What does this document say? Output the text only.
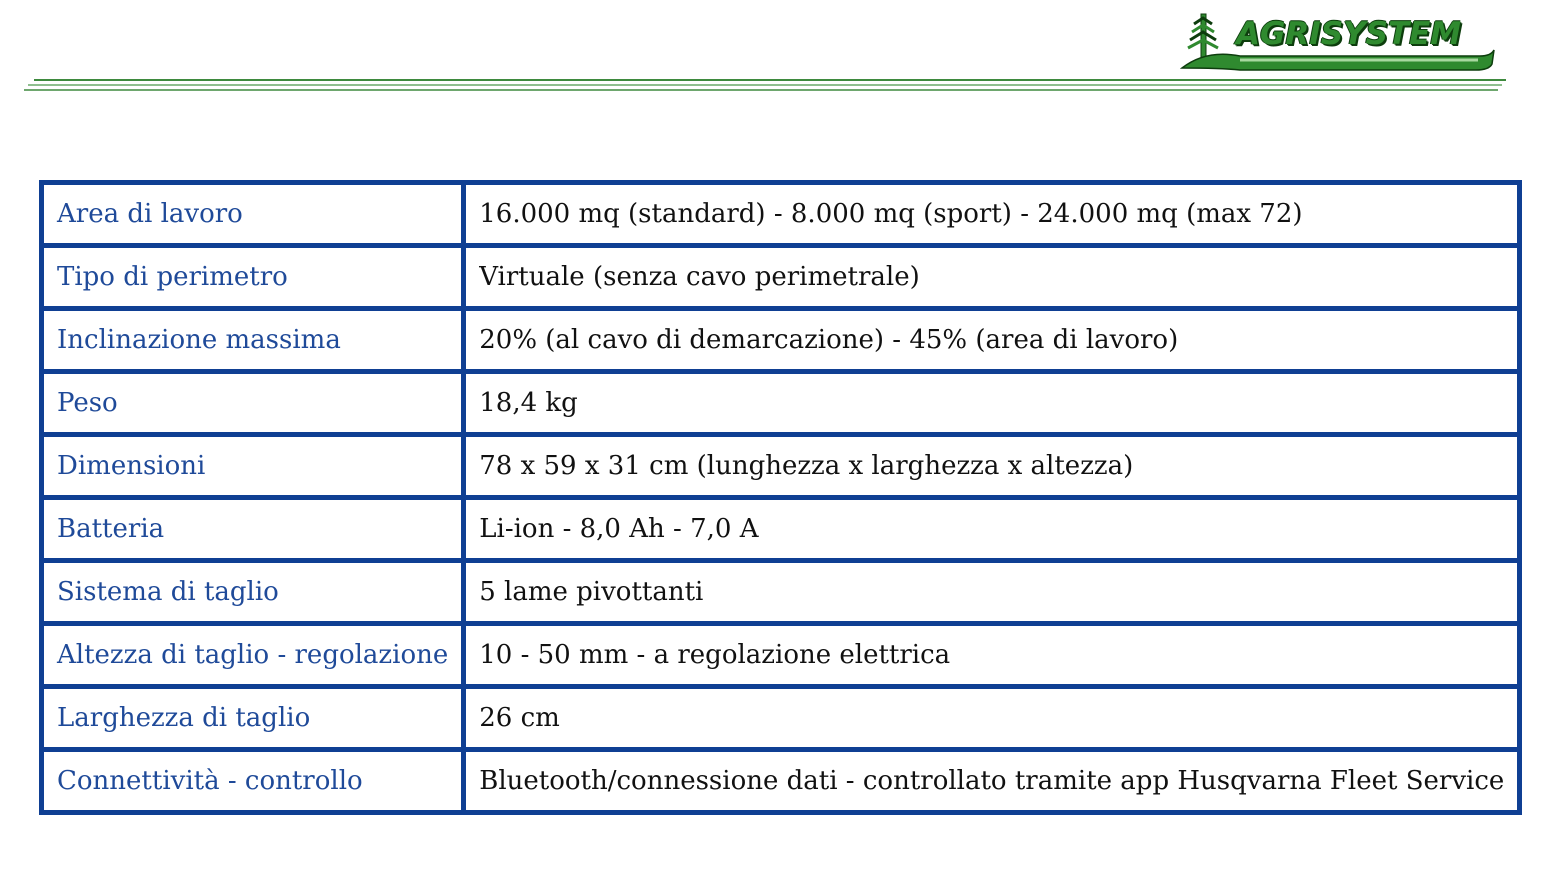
AGRISYSTEM
Area di lavoro	16.000 mq (standard) - 8.000 mq (sport) - 24.000 mq (max 72)
Tipo di perimetro	Virtuale (senza cavo perimetrale)
Inclinazione massima	20% (al cavo di demarcazione) - 45% (area di lavoro)
Peso	18,4 kg
Dimensioni	78 x 59 x 31 cm (lunghezza x larghezza x altezza)
Batteria	Li-ion - 8,0 Ah - 7,0 A
Sistema di taglio	5 lame pivottanti
Altezza di taglio - regolazione	10 - 50 mm - a regolazione elettrica
Larghezza di taglio	26 cm
Connettività - controllo	Bluetooth/connessione dati - controllato tramite app Husqvarna Fleet Service
